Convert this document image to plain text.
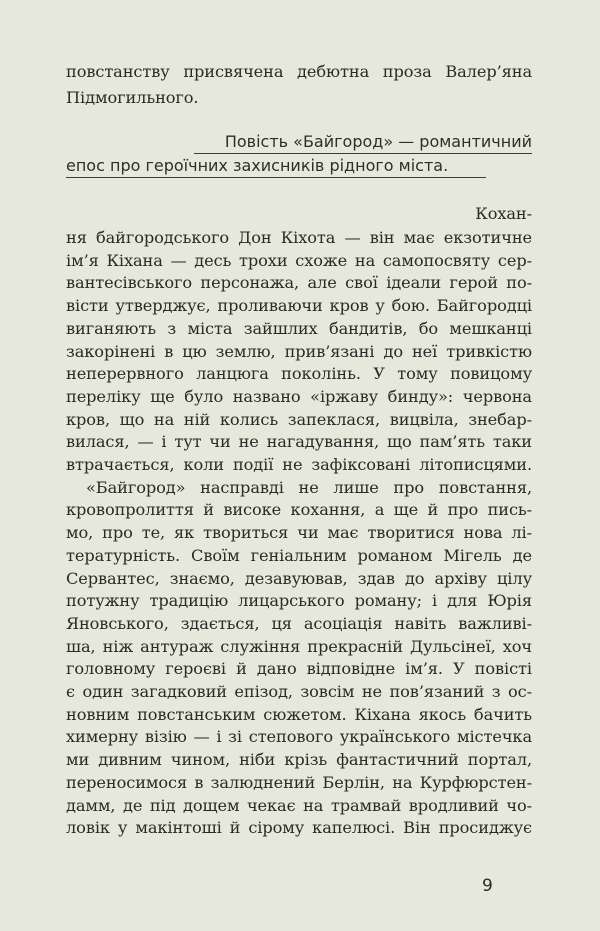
повстанству присвячена дебютна проза Валер’яна
Підмогильного.
Повість «Байгород» — романтичний
епос про героїчних захисників рідного міста.
Кохан-
ня байгородського Дон Кіхота — він має екзотичне
ім’я Кіхана — десь трохи схоже на самопосвяту сер-
вантесівського персонажа, але свої ідеали герой по-
вісти утверджує, проливаючи кров у бою. Байгородці
виганяють з міста зайшлих бандитів, бо мешканці
закорінені в цю землю, прив’язані до неї тривкістю
неперервного ланцюга поколінь. У тому повицому
переліку ще було названо «іржаву бинду»: червона
кров, що на ній колись запеклася, вицвіла, знебар-
вилася, — і тут чи не нагадування, що пам’ять таки
втрачається, коли події не зафіксовані літописцями.
«Байгород» насправді не лише про повстання,
кровопролиття й високе кохання, а ще й про пись-
мо, про те, як твориться чи має творитися нова лі-
тературність. Своїм геніальним романом Мігель де
Сервантес, знаємо, дезавуював, здав до архіву цілу
потужну традицію лицарського роману; і для Юрія
Яновського, здається, ця асоціація навіть важливі-
ша, ніж антураж служіння прекрасній Дульсінеї, хоч
головному героєві й дано відповідне ім’я. У повісті
є один загадковий епізод, зовсім не пов’язаний з ос-
новним повстанським сюжетом. Кіхана якось бачить
химерну візію — і зі степового українського містечка
ми дивним чином, ніби крізь фантастичний портал,
переносимося в залюднений Берлін, на Курфюрстен-
дамм, де під дощем чекає на трамвай вродливий чо-
ловік у макінтоші й сірому капелюсі. Він просиджує
9
